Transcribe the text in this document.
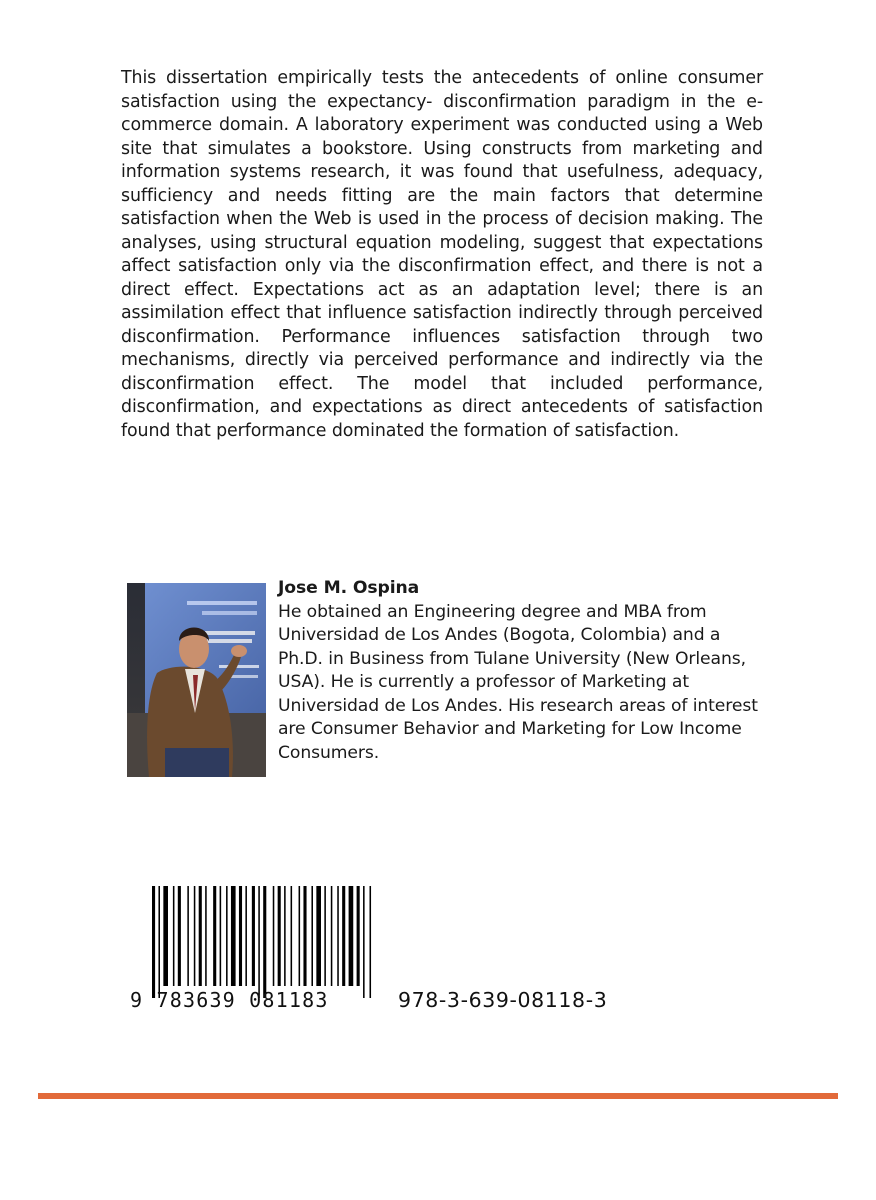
This dissertation empirically tests the antecedents of online consumer satisfaction using the expectancy- disconfirmation paradigm in the e-commerce domain. A laboratory experiment was conducted using a Web site that simulates a bookstore. Using constructs from marketing and information systems research, it was found that usefulness, adequacy, sufficiency and needs fitting are the main factors that determine satisfaction when the Web is used in the process of decision making. The analyses, using structural equation modeling, suggest that expectations affect satisfaction only via the disconfirmation effect, and there is not a direct effect. Expectations act as an adaptation level; there is an assimilation effect that influence satisfaction indirectly through perceived disconfirmation. Performance influences satisfaction through two mechanisms, directly via perceived performance and indirectly via the disconfirmation effect. The model that included performance, disconfirmation, and expectations as direct antecedents of satisfaction found that performance dominated the formation of satisfaction.

Jose M. Ospina
He obtained an Engineering degree and MBA from
Universidad de Los Andes (Bogota, Colombia) and a
Ph.D. in Business from Tulane University (New Orleans,
USA). He is currently a professor of Marketing at
Universidad de Los Andes. His research areas of interest
are Consumer Behavior and Marketing for Low Income
Consumers.
9 783639 081183	978-3-639-08118-3
